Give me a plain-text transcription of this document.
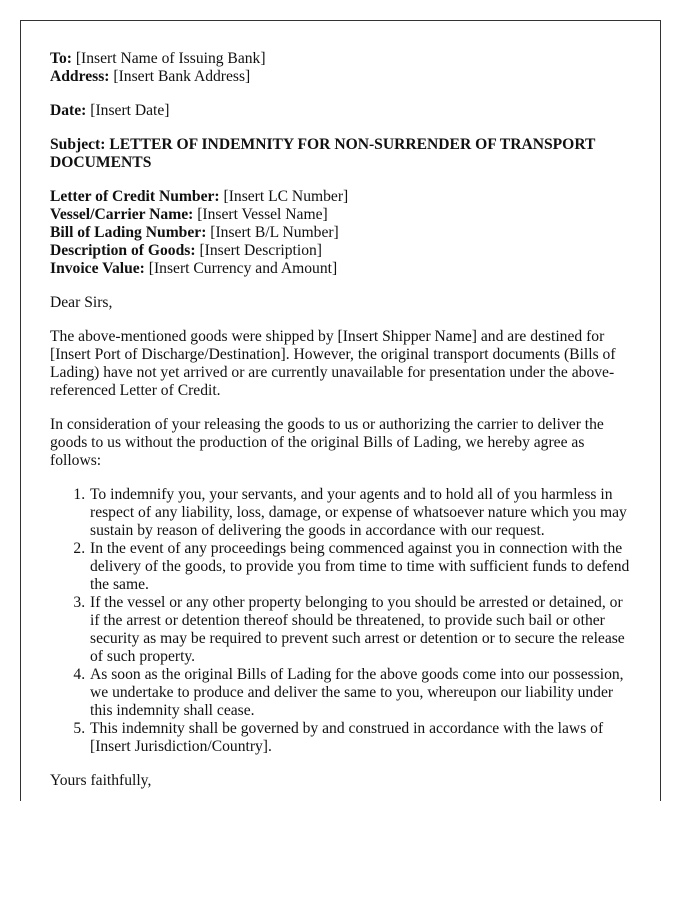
To: [Insert Name of Issuing Bank]
Address: [Insert Bank Address]
Date: [Insert Date]
Subject: LETTER OF INDEMNITY FOR NON-SURRENDER OF TRANSPORT DOCUMENTS
Letter of Credit Number: [Insert LC Number]
Vessel/Carrier Name: [Insert Vessel Name]
Bill of Lading Number: [Insert B/L Number]
Description of Goods: [Insert Description]
Invoice Value: [Insert Currency and Amount]

Dear Sirs,

The above-mentioned goods were shipped by [Insert Shipper Name] and are destined for [Insert Port of Discharge/Destination]. However, the original transport documents (Bills of Lading) have not yet arrived or are currently unavailable for presentation under the above-referenced Letter of Credit.

In consideration of your releasing the goods to us or authorizing the carrier to deliver the goods to us without the production of the original Bills of Lading, we hereby agree as follows:

1. To indemnify you, your servants, and your agents and to hold all of you harmless in respect of any liability, loss, damage, or expense of whatsoever nature which you may sustain by reason of delivering the goods in accordance with our request.
2. In the event of any proceedings being commenced against you in connection with the delivery of the goods, to provide you from time to time with sufficient funds to defend the same.
3. If the vessel or any other property belonging to you should be arrested or detained, or if the arrest or detention thereof should be threatened, to provide such bail or other security as may be required to prevent such arrest or detention or to secure the release of such property.
4. As soon as the original Bills of Lading for the above goods come into our possession, we undertake to produce and deliver the same to you, whereupon our liability under this indemnity shall cease.
5. This indemnity shall be governed by and construed in accordance with the laws of [Insert Jurisdiction/Country].

Yours faithfully,
